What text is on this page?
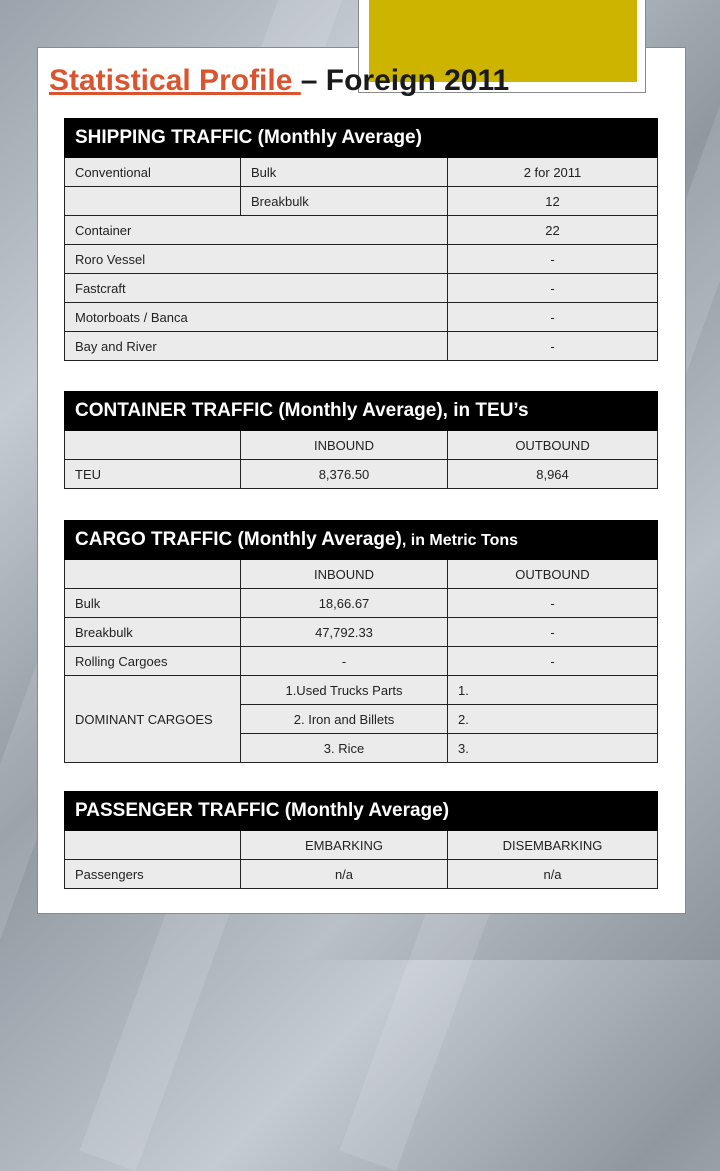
Statistical Profile – Foreign 2011
SHIPPING TRAFFIC (Monthly Average)		
Conventional	Bulk	2 for 2011
	Breakbulk	12
Container		22
Roro Vessel		-
Fastcraft		-
Motorboats / Banca		-
Bay and River		-
CONTAINER TRAFFIC (Monthly Average), in TEU’s		
	INBOUND	OUTBOUND
TEU	8,376.50	8,964
CARGO TRAFFIC (Monthly Average), in Metric Tons		
	INBOUND	OUTBOUND
Bulk	18,66.67	-
Breakbulk	47,792.33	-
Rolling Cargoes	-	-
DOMINANT CARGOES	1.Used Trucks Parts	1.
	2. Iron and Billets	2.
	3. Rice	3.
PASSENGER TRAFFIC (Monthly Average)		
	EMBARKING	DISEMBARKING
Passengers	n/a	n/a
